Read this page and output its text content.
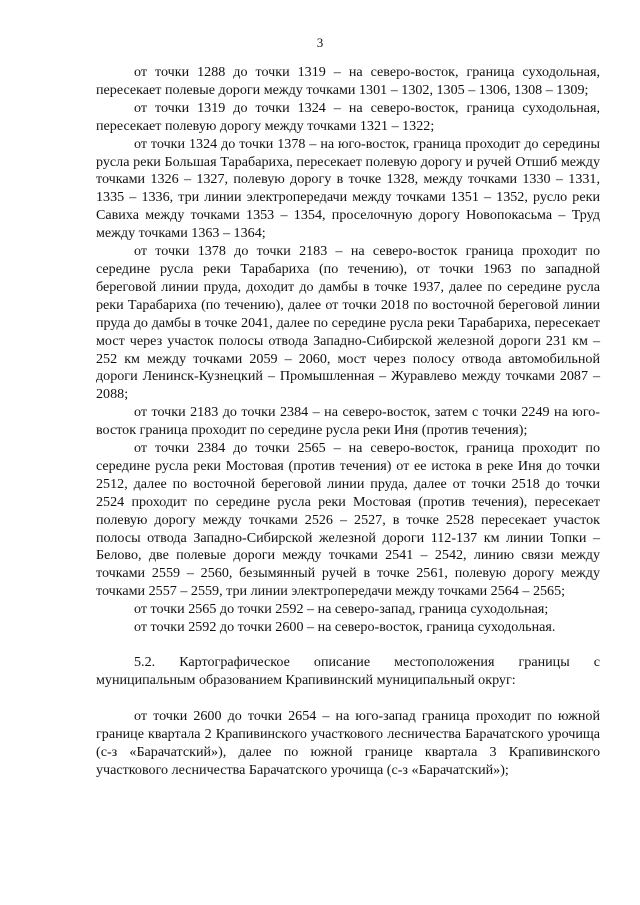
3

от точки 1288 до точки 1319 – на северо-восток, граница суходольная, пересекает полевые дороги между точками 1301 – 1302, 1305 – 1306, 1308 – 1309;

от точки 1319 до точки 1324 – на северо-восток, граница суходольная, пересекает полевую дорогу между точками 1321 – 1322;

от точки 1324 до точки 1378 – на юго-восток, граница проходит до середины русла реки Большая Тарабариха, пересекает полевую дорогу и ручей Отшиб между точками 1326 – 1327, полевую дорогу в точке 1328, между точками 1330 – 1331, 1335 – 1336, три линии электропередачи между точками 1351 – 1352, русло реки Савиха между точками 1353 – 1354, проселочную дорогу Новопокасьма – Труд между точками 1363 – 1364;

от точки 1378 до точки 2183 – на северо-восток граница проходит по середине русла реки Тарабариха (по течению), от точки 1963 по западной береговой линии пруда, доходит до дамбы в точке 1937, далее по середине русла реки Тарабариха (по течению), далее от точки 2018 по восточной береговой линии пруда до дамбы в точке 2041, далее по середине русла реки Тарабариха, пересекает мост через участок полосы отвода Западно-Сибирской железной дороги 231 км – 252 км между точками 2059 – 2060, мост через полосу отвода автомобильной дороги Ленинск-Кузнецкий – Промышленная – Журавлево между точками 2087 – 2088;

от точки 2183 до точки 2384 – на северо-восток, затем с точки 2249 на юго-восток граница проходит по середине русла реки Иня (против течения);

от точки 2384 до точки 2565 – на северо-восток, граница проходит по середине русла реки Мостовая (против течения) от ее истока в реке Иня до точки 2512, далее по восточной береговой линии пруда, далее от точки 2518 до точки 2524 проходит по середине русла реки Мостовая (против течения), пересекает полевую дорогу между точками 2526 – 2527, в точке 2528 пересекает участок полосы отвода Западно-Сибирской железной дороги 112-137 км линии Топки – Белово, две полевые дороги между точками 2541 – 2542, линию связи между точками 2559 – 2560, безымянный ручей в точке 2561, полевую дорогу между точками 2557 – 2559, три линии электропередачи между точками 2564 – 2565;

от точки 2565 до точки 2592 – на северо-запад, граница суходольная;

от точки 2592 до точки 2600 – на северо-восток, граница суходольная.

5.2. Картографическое описание местоположения границы с муниципальным образованием Крапивинский муниципальный округ:

от точки 2600 до точки 2654 – на юго-запад граница проходит по южной границе квартала 2 Крапивинского участкового лесничества Барачатского урочища (с-з «Барачатский»), далее по южной границе квартала 3 Крапивинского участкового лесничества Барачатского урочища (с-з «Барачатский»);
